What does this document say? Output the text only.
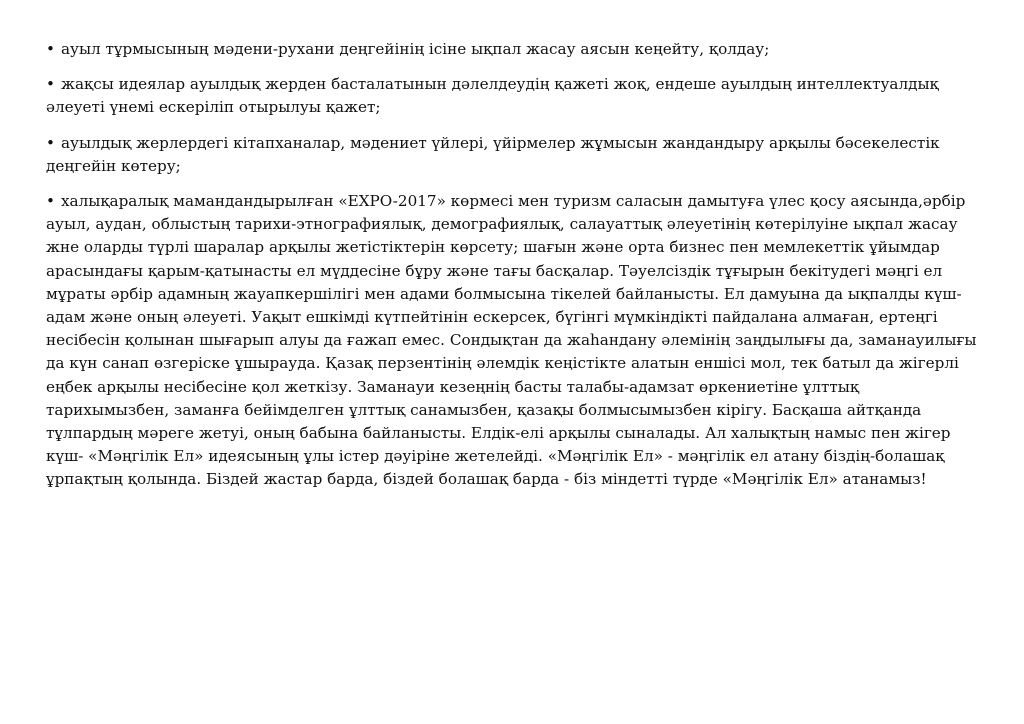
• ауыл тұрмысының мәдени-рухани деңгейінің ісіне ықпал жасау аясын кеңейту, қолдау;

• жақсы идеялар ауылдық жерден басталатынын дәлелдеудің қажеті жоқ, ендеше ауылдың интеллектуалдық әлеуеті үнемі ескеріліп отырылуы қажет;

• ауылдық жерлердегі кітапханалар, мәдениет үйлері, үйірмелер жұмысын жандандыру арқылы бәсекелестік деңгейін көтеру;

• халықаралық мамандандырылған «EXPO-2017» көрмесі мен туризм саласын дамытуға үлес қосу аясында,әрбір ауыл, аудан, облыстың тарихи-этнографиялық, демографиялық, салауаттық әлеуетінің көтерілуіне ықпал жасау жне оларды түрлі шаралар арқылы жетістіктерін көрсету; шағын және орта бизнес пен мемлекеттік ұйымдар арасындағы қарым-қатынасты ел мүддесіне бұру және тағы басқалар. Тәуелсіздік тұғырын бекітудегі мәңгі ел мұраты әрбір адамның жауапкершілігі мен адами болмысына тікелей байланысты. Ел дамуына да ықпалды күш- адам және оның әлеуеті. Уақыт ешкімді күтпейтінін ескерсек, бүгінгі мүмкіндікті пайдалана алмаған, ертеңгі несібесін қолынан шығарып алуы да ғажап емес. Сондықтан да жаһандану әлемінің заңдылығы да, заманауилығы да күн санап өзгеріске ұшырауда. Қазақ перзентінің әлемдік кеңістікте алатын еншісі мол, тек батыл да жігерлі еңбек арқылы несібесіне қол жеткізу. Заманауи кезеңнің басты талабы-адамзат өркениетіне ұлттық тарихымызбен, заманға бейімделген ұлттық санамызбен, қазақы болмысымызбен кірігу. Басқаша айтқанда тұлпардың мәреге жетуі, оның бабына байланысты. Елдік-елі арқылы сыналады. Ал халықтың намыс пен жігер күш- «Мәңгілік Ел» идеясының ұлы істер дәуіріне жетелейді. «Мәңгілік Ел» - мәңгілік ел атану біздің-болашақ ұрпақтың қолында. Біздей жастар барда, біздей болашақ барда - біз міндетті түрде «Мәңгілік Ел» атанамыз!
